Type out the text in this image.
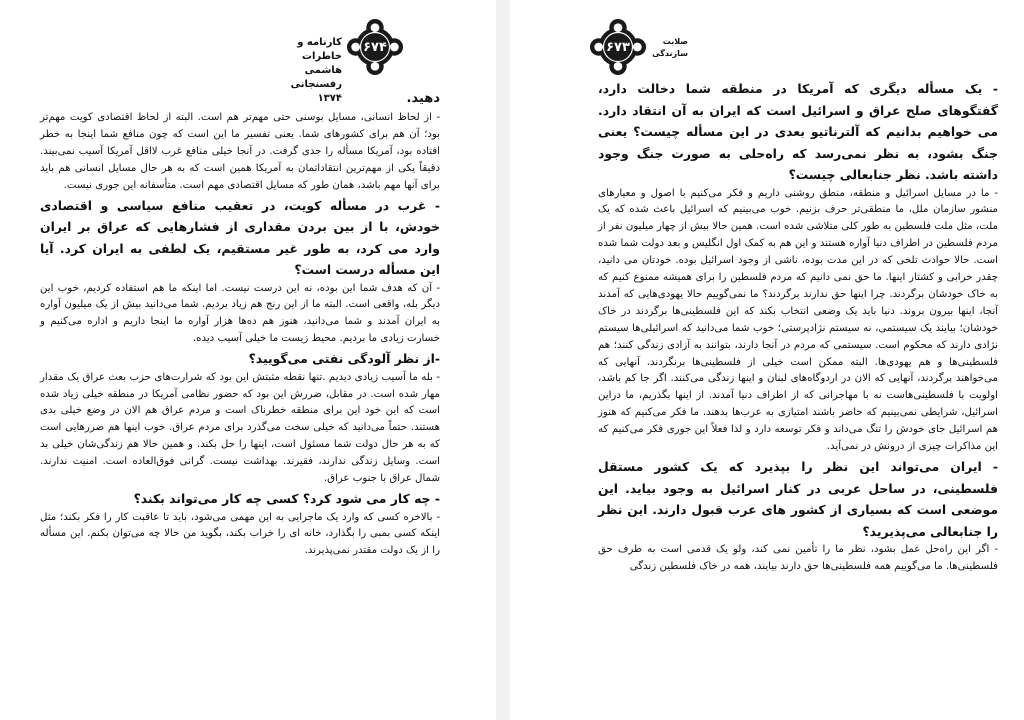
۶۷۴
کارنامه و خاطرات
هاشمی رفسنجانی ۱۳۷۴	دهید.

- از لحاظ انسانی، مسایل بوسنی حتی مهم‌تر هم است. البته از لحاظ اقتصادی کویت مهم‌تر بود؛ آن هم برای کشورهای شما. یعنی تفسیر ما این است که چون منافع شما اینجا به خطر افتاده بود، آمریکا مسأله را جدی گرفت. در آنجا خیلی منافع غرب لااقل آمریکا آسیب نمی‌بیند. دقیقاً یکی از مهم‌ترین انتقاداتمان به آمریکا همین است که به هر حال مسایل انسانی هم باید برای آنها مهم باشد، همان طور که مسایل اقتصادی مهم است. متأسفانه این جوری نیست.

- غرب در مسأله کویت، در تعقیب منافع سیاسی و اقتصادی خودش، با از بین بردن مقداری از فشارهایی که عراق بر ایران وارد می کرد، به طور غیر مستقیم، یک لطفی به ایران کرد. آیا این مسأله درست است؟

- آن که هدف شما این بوده، نه این درست نیست. اما اینکه ما هم استفاده کردیم، خوب این دیگر بله، واقعی است. البته ما از این رنج هم زیاد بردیم. شما می‌دانید بیش از یک میلیون آواره به ایران آمدند و شما می‌دانید، هنوز هم ده‌ها هزار آواره ما اینجا داریم و اداره می‌کنیم و خسارت زیادی ما بردیم. محیط زیست ما خیلی آسیب دیده.

-از نظر آلودگی نفتی می‌گویید؟

- بله ما آسیب زیادی دیدیم .تنها نقطه مثبتش این بود که شرارت‌های حزب بعث عراق یک مقدار مهار شده است. در مقابل، ضررش این بود که حضور نظامی آمریکا در منطقه خیلی زیاد شده است که این خود این برای منطقه خطرناک است و مردم عراق هم الان در وضع خیلی بدی هستند. حتماً می‌دانید که خیلی سخت می‌گذرد برای مردم عراق. خوب اینها هم ضررهایی است که به هر حال دولت شما مسئول است، اینها را حل بکند. و همین حالا هم زندگی‌شان خیلی بد است. وسایل زندگی ندارند، فقیرند. بهداشت نیست. گرانی فوق‌العاده است. امنیت ندارند. شمال عراق با جنوب عراق.

- چه کار می شود کرد؟ کسی چه کار می‌تواند بکند؟

- بالاخره کسی که وارد یک ماجرایی به این مهمی می‌شود، باید تا عاقبت کار را فکر بکند؛ مثل اینکه کسی بمبی را بگذارد، خانه ای را خراب بکند، بگوید من حالا چه می‌توان بکنم. این مسأله را از یک دولت مقتدر نمی‌پذیرند.

۶۷۳	صلابت
سازندگی

- یک مسأله دیگری که آمریکا در منطقه شما دخالت دارد، گفتگوهای صلح عراق و اسرائیل است که ایران به آن انتقاد دارد. می خواهیم بدانیم که آلترناتیو بعدی در این مسأله چیست؟ یعنی جنگ بشود، به نظر نمی‌رسد که راه‌حلی به صورت جنگ وجود داشته باشد. نظر جنابعالی چیست؟

- ما در مسایل اسرائیل و منطقه، منطق روشنی داریم و فکر می‌کنیم با اصول و معیارهای منشور سازمان ملل، ما منطقی‌تر حرف بزنیم. خوب می‌بینیم که اسرائیل باعث شده که یک ملت، مثل ملت فلسطین به طور کلی متلاشی شده است. همین حالا بیش از چهار میلیون نفر از مردم فلسطین در اطراف دنیا آواره هستند و این هم به کمک اول انگلیس و بعد دولت شما شده است. حالا حوادث تلخی که در این مدت بوده، ناشی از وجود اسرائیل بوده. خودتان می دانید، چقدر خرابی و کشتار اینها. ما حق نمی دانیم که مردم فلسطین را برای همیشه ممنوع کنیم که به خاک خودشان برگردند. چرا اینها حق ندارند برگردند؟ ما نمی‌گوییم حالا یهودی‌هایی که آمدند آنجا، اینها بیرون بروند. دنیا باید یک وضعی انتخاب بکند که این فلسطینی‌ها برگردند در خاک خودشان؛ بیایند یک سیستمی، نه سیستم نژادپرستی؛ خوب شما می‌دانید که اسرائیلی‌ها سیستم نژادی دارند که محکوم است. سیستمی که مردم در آنجا دارند، بتوانند به آزادی زندگی کنند؛ هم فلسطینی‌ها و هم یهودی‌ها. البته ممکن است خیلی از فلسطینی‌ها برنگردند. آنهایی که می‌خواهند برگردند، آنهایی که الان در اردوگاه‌های لبنان و اینها زندگی می‌کنند. اگر جا کم باشد، اولویت با فلسطینی‌هاست نه با مهاجرانی که از اطراف دنیا آمدند. از اینها بگذریم، ما دراین اسرائیل، شرایطی نمی‌بینیم که حاضر باشند امتیازی به عرب‌ها بدهند. ما فکر می‌کنیم که هنوز هم اسرائیل جای خودش را تنگ می‌داند و فکر توسعه دارد و لذا فعلاً این جوری فکر می‌کنیم که این مذاکرات چیزی از درونش در نمی‌آید.

- ایران می‌تواند این نظر را بپذیرد که یک کشور مستقل فلسطینی، در ساحل عربی در کنار اسرائیل به وجود بیاید. این موضعی است که بسیاری از کشور های عرب قبول دارند. این نظر را جنابعالی می‌پذیرید؟

- اگر این راه‌حل عمل بشود، نظر ما را تأمین نمی کند، ولو یک قدمی است به طرف حق فلسطینی‌ها. ما می‌گوییم همه فلسطینی‌ها حق دارند بیایند، همه در خاک فلسطین زندگی
